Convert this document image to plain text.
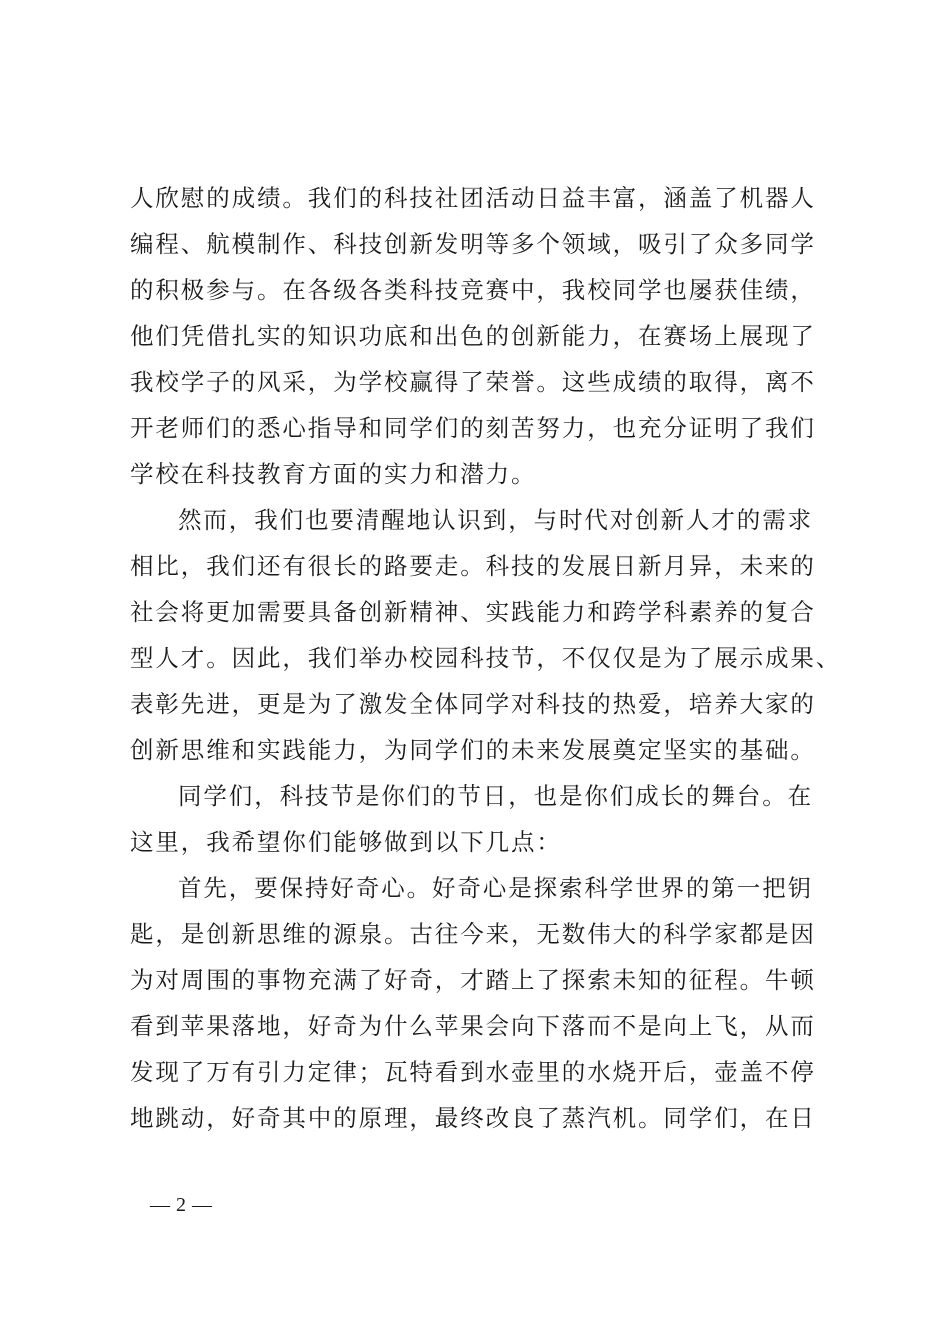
人欣慰的成绩。我们的科技社团活动日益丰富，涵盖了机器人
编程、航模制作、科技创新发明等多个领域，吸引了众多同学
的积极参与。在各级各类科技竞赛中，我校同学也屡获佳绩，
他们凭借扎实的知识功底和出色的创新能力，在赛场上展现了
我校学子的风采，为学校赢得了荣誉。这些成绩的取得，离不
开老师们的悉心指导和同学们的刻苦努力，也充分证明了我们
学校在科技教育方面的实力和潜力。
然而，我们也要清醒地认识到，与时代对创新人才的需求
相比，我们还有很长的路要走。科技的发展日新月异，未来的
社会将更加需要具备创新精神、实践能力和跨学科素养的复合
型人才。因此，我们举办校园科技节，不仅仅是为了展示成果、
表彰先进，更是为了激发全体同学对科技的热爱，培养大家的
创新思维和实践能力，为同学们的未来发展奠定坚实的基础。
同学们，科技节是你们的节日，也是你们成长的舞台。在
这里，我希望你们能够做到以下几点：
首先，要保持好奇心。好奇心是探索科学世界的第一把钥
匙，是创新思维的源泉。古往今来，无数伟大的科学家都是因
为对周围的事物充满了好奇，才踏上了探索未知的征程。牛顿
看到苹果落地，好奇为什么苹果会向下落而不是向上飞，从而
发现了万有引力定律；瓦特看到水壶里的水烧开后，壶盖不停
地跳动，好奇其中的原理，最终改良了蒸汽机。同学们，在日
— 2 —
